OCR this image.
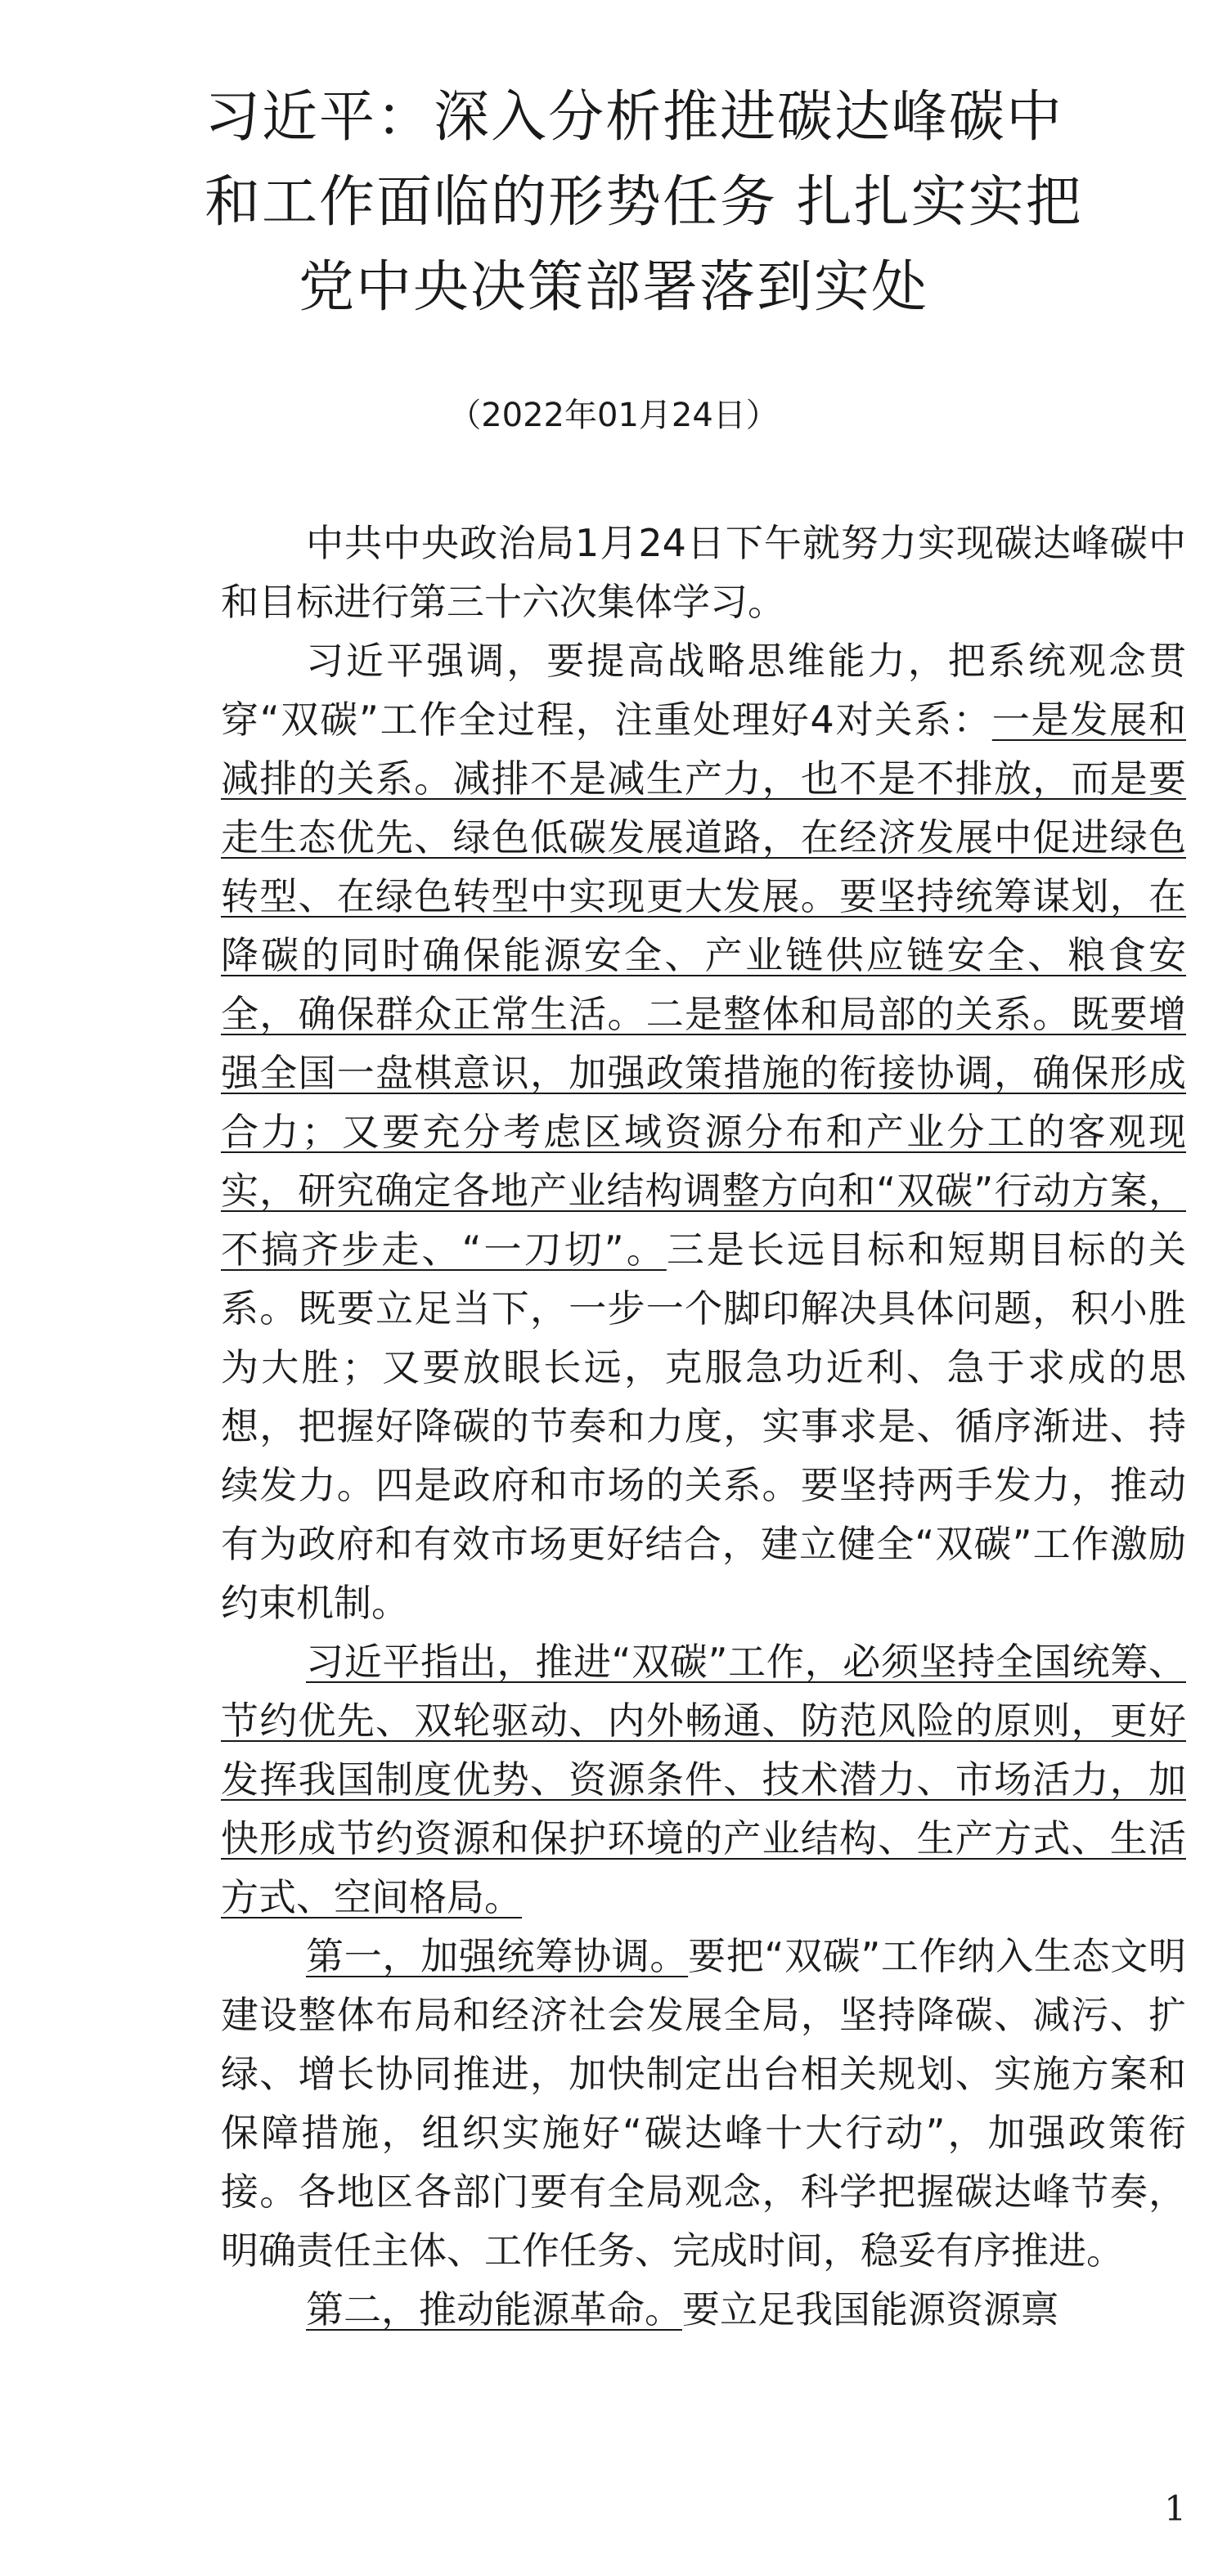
习近平：深入分析推进碳达峰碳中
和工作面临的形势任务 扎扎实实把
党中央决策部署落到实处
（2022年01月24日）

中共中央政治局1月24日下午就努力实现碳达峰碳中和目标进行第三十六次集体学习。

习近平强调，要提高战略思维能力，把系统观念贯穿“双碳”工作全过程，注重处理好4对关系：一是发展和减排的关系。减排不是减生产力，也不是不排放，而是要走生态优先、绿色低碳发展道路，在经济发展中促进绿色转型、在绿色转型中实现更大发展。要坚持统筹谋划，在降碳的同时确保能源安全、产业链供应链安全、粮食安全，确保群众正常生活。二是整体和局部的关系。既要增强全国一盘棋意识，加强政策措施的衔接协调，确保形成合力；又要充分考虑区域资源分布和产业分工的客观现实，研究确定各地产业结构调整方向和“双碳”行动方案，不搞齐步走、“一刀切”。三是长远目标和短期目标的关系。既要立足当下，一步一个脚印解决具体问题，积小胜为大胜；又要放眼长远，克服急功近利、急于求成的思想，把握好降碳的节奏和力度，实事求是、循序渐进、持续发力。四是政府和市场的关系。要坚持两手发力，推动有为政府和有效市场更好结合，建立健全“双碳”工作激励约束机制。

习近平指出，推进“双碳”工作，必须坚持全国统筹、节约优先、双轮驱动、内外畅通、防范风险的原则，更好发挥我国制度优势、资源条件、技术潜力、市场活力，加快形成节约资源和保护环境的产业结构、生产方式、生活方式、空间格局。

第一，加强统筹协调。要把“双碳”工作纳入生态文明建设整体布局和经济社会发展全局，坚持降碳、减污、扩绿、增长协同推进，加快制定出台相关规划、实施方案和保障措施，组织实施好“碳达峰十大行动”，加强政策衔接。各地区各部门要有全局观念，科学把握碳达峰节奏，明确责任主体、工作任务、完成时间，稳妥有序推进。

第二，推动能源革命。要立足我国能源资源禀

1
